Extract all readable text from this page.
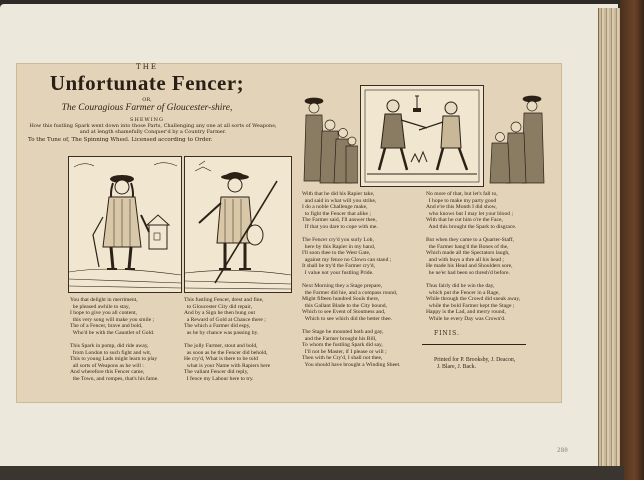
THE
Unfortunate Fencer;
OR,
The Couragious Farmer of Gloucester-shire,
SHEWING
How this fustling Spark went down into those Parts, Challenging any one at all sorts of Weapons; and at length shamefully Conquer'd by a Country Farmer.
To the Tune of, The Spinning Wheel. Licensed according to Order.
You that delight in merriment,
be pleased awhile to stay,
I hope to give you all content,
this very song will make you smile ;
The of a Fencer, brave and bold,
Who'd be with the Gauntlet of Gold.
This Spark in pomp, did ride away,
from London to such fight and wit,
This to young Lads might learn to play
all sorts of Weapons as he will :
And wherefore this Fencer came,
the Town, and rompes, that's his fame.
This fustling Fencer, drest and fine,
to Gloucester City did repair,
And by a Sign he then hung out
a Reward of Gold at Chance there ;
The which a Farmer did espy,
as he by chance was passing by.
The jolly Farmer, stout and bold,
as soon as he the Fencer did behold,
He cry'd, What is there to be told
what is your Name with Rapiers here
The valiant Fencer did reply,
I fence my Labour here to try.
With that he did his Rapier take,
and said in what will you strike,
I do a noble Challenge make,
to fight the Fencer that alike ;
The Farmer said, I'll answer thee,
If that you dare to cope with me.
The Fencer cry'd you surly Lob,
here by this Rapier in my hand,
I'll soon thee to the West Gate,
against my fence no Clown can stand ;
It shall be try'd the Farmer cry'd,
I value not your fustling Pride.
Next Morning they a Stage prepare,
the Farmer did hie, and a compass round,
Might fifteen hundred Souls there,
this Gallant Blade to the City bound,
Which to see Event of Stoutness and,
Which to see which did the better thee.
The Stage he mounted both and gay,
and the Farmer brought his Bill,
To whom the fustling Spark did say,
I'll not be Master, if I please or will ;
Then with he Cry'd, I shall not thee,
You should have brought a Winding Sheet.
No more of that, but let's fall to,
I hope to make my party good
And e're this Month I did show,
who knows but I may let your blood ;
With that he cut him o're the Face,
And this brought the Spark to disgrace.
But when they came to a Quarter-Staff,
the Farmer bang'd the Bones of the,
Which made all the Spectators laugh,
and with buys a thre all his head ;
He made his Head and Shoulders sore,
he ne'er had been so thresh'd before.
Thus fairly did he win the day,
which put the Fencer in a Rage,
While through the Crowd did sneak away,
while the bold Farmer kept the Stage ;
Happy is the Lad, and merry round,
While he every Day was Crown'd.
FINIS.
Printed for P. Brooksby, J. Deacon,
J. Blare, J. Back.
280
